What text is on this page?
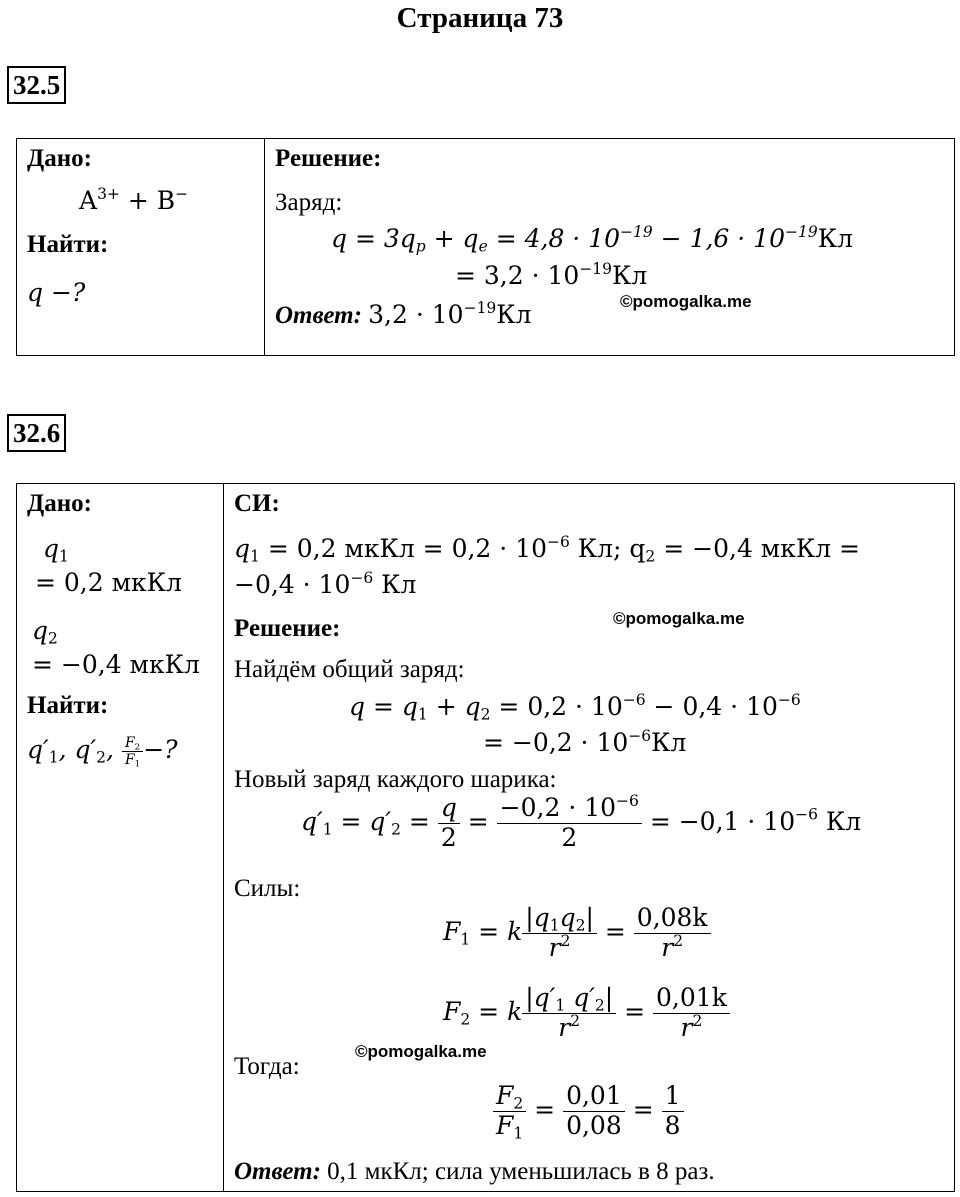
Страница 73
32.5
Дано:
$A^{3+} + B^-$
Найти:
q −?
Решение:
Заряд:
$q = 3q_p + q_e = 4,8 \cdot 10^{-19} - 1,6 \cdot 10^{-19}Кл$
= $3,2 \cdot 10^{-19}Кл$
©pomogalka.me
Ответ: $3,2 \cdot 10^{-19}Кл$
32.6
Дано:
$q_1$
= 0,2 мкКл
$q_2$
= −0,4 мкКл
Найти:
$q'_1$, $q'_2$, $\frac{F_2}{F_1}$ −?
СИ:
$q_1 = 0,2$ мкКл = $0,2 \cdot 10^{-6}$ Кл; $q_2 = -0,4$ мкКл =
$-0,4 \cdot 10^{-6}$ Кл
©pomogalka.me
Решение:
Найдём общий заряд:
$q = q_1 + q_2 = 0,2 \cdot 10^{-6} - 0,4 \cdot 10^{-6}$
= $-0,2 \cdot 10^{-6}Кл$
Новый заряд каждого шарика:
$q'_1 = q'_2 = \frac{q}{2} = \frac{-0,2 \cdot 10^{-6}}{2} = -0,1 \cdot 10^{-6}$ Кл
Силы:
$F_1 = k \frac{|q_1q_2|}{r^2} = \frac{0,08k}{r^2}$
$F_2 = k \frac{|q'_1 q'_2|}{r^2} = \frac{0,01k}{r^2}$
©pomogalka.me
Тогда:
$\frac{F_2}{F_1} = \frac{0,01}{0,08} = \frac{1}{8}$
Ответ: 0,1 мкКл; сила уменьшилась в 8 раз.
